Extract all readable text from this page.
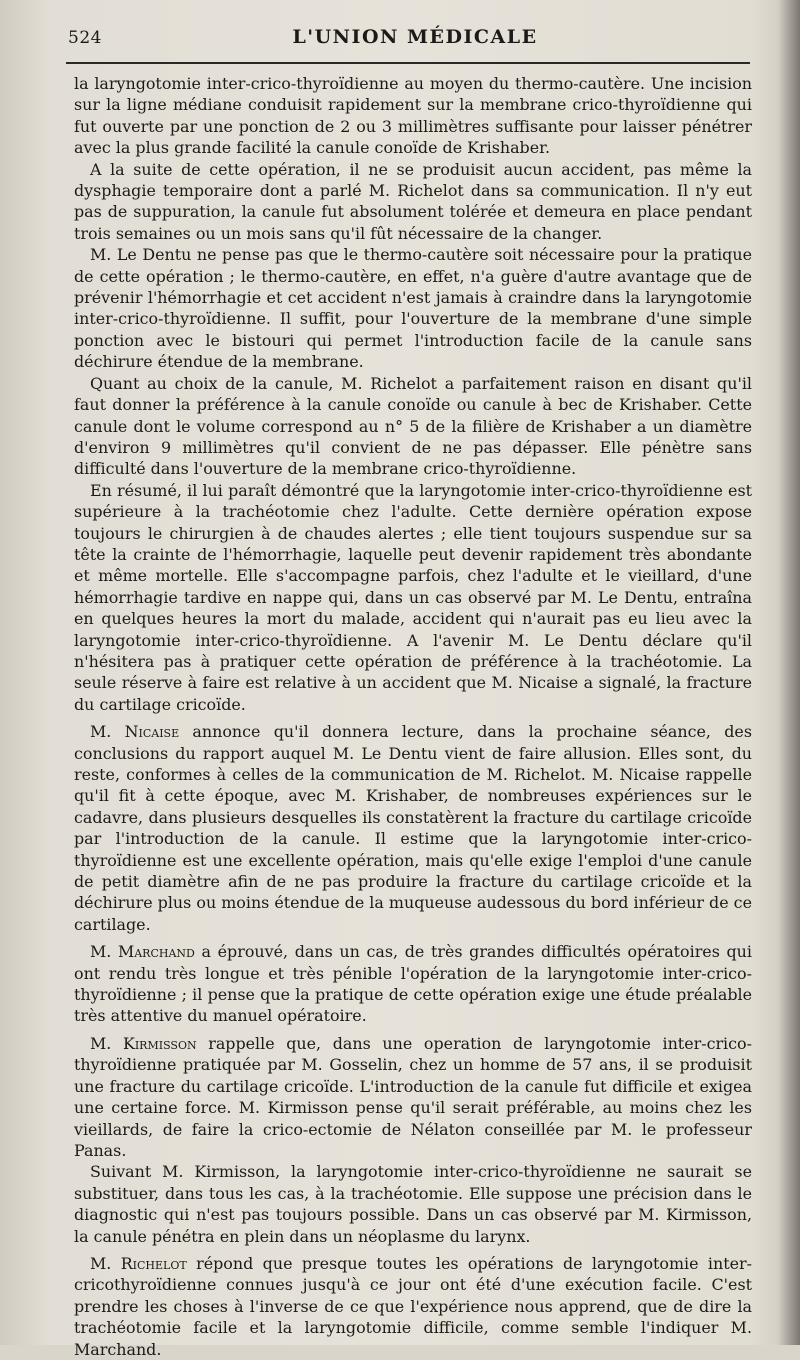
524	L'UNION MÉDICALE

la laryngotomie inter-crico-thyroïdienne au moyen du thermo-cautère. Une incision sur la ligne médiane conduisit rapidement sur la membrane crico-thyroïdienne qui fut ouverte par une ponction de 2 ou 3 millimètres suffisante pour laisser pénétrer avec la plus grande facilité la canule conoïde de Krishaber.

A la suite de cette opération, il ne se produisit aucun accident, pas même la dysphagie temporaire dont a parlé M. Richelot dans sa communication. Il n'y eut pas de suppuration, la canule fut absolument tolérée et demeura en place pendant trois semaines ou un mois sans qu'il fût nécessaire de la changer.

M. Le Dentu ne pense pas que le thermo-cautère soit nécessaire pour la pratique de cette opération ; le thermo-cautère, en effet, n'a guère d'autre avantage que de prévenir l'hémorrhagie et cet accident n'est jamais à craindre dans la laryngotomie inter-crico-thyroïdienne. Il suffit, pour l'ouverture de la membrane d'une simple ponction avec le bistouri qui permet l'introduction facile de la canule sans déchirure étendue de la membrane.

Quant au choix de la canule, M. Richelot a parfaitement raison en disant qu'il faut donner la préférence à la canule conoïde ou canule à bec de Krishaber. Cette canule dont le volume correspond au n° 5 de la filière de Krishaber a un diamètre d'environ 9 millimètres qu'il convient de ne pas dépasser. Elle pénètre sans difficulté dans l'ouverture de la membrane crico-thyroïdienne.

En résumé, il lui paraît démontré que la laryngotomie inter-crico-thyroïdienne est supérieure à la trachéotomie chez l'adulte. Cette dernière opération expose toujours le chirurgien à de chaudes alertes ; elle tient toujours suspendue sur sa tête la crainte de l'hémorrhagie, laquelle peut devenir rapidement très abondante et même mortelle. Elle s'accompagne parfois, chez l'adulte et le vieillard, d'une hémorrhagie tardive en nappe qui, dans un cas observé par M. Le Dentu, entraîna en quelques heures la mort du malade, accident qui n'aurait pas eu lieu avec la laryngotomie inter-crico-thyroïdienne. A l'avenir M. Le Dentu déclare qu'il n'hésitera pas à pratiquer cette opération de préférence à la trachéotomie. La seule réserve à faire est relative à un accident que M. Nicaise a signalé, la fracture du cartilage cricoïde.

M. Nicaise annonce qu'il donnera lecture, dans la prochaine séance, des conclusions du rapport auquel M. Le Dentu vient de faire allusion. Elles sont, du reste, conformes à celles de la communication de M. Richelot. M. Nicaise rappelle qu'il fit à cette époque, avec M. Krishaber, de nombreuses expériences sur le cadavre, dans plusieurs desquelles ils constatèrent la fracture du cartilage cricoïde par l'introduction de la canule. Il estime que la laryngotomie inter-crico-thyroïdienne est une excellente opération, mais qu'elle exige l'emploi d'une canule de petit diamètre afin de ne pas produire la fracture du cartilage cricoïde et la déchirure plus ou moins étendue de la muqueuse audessous du bord inférieur de ce cartilage.

M. Marchand a éprouvé, dans un cas, de très grandes difficultés opératoires qui ont rendu très longue et très pénible l'opération de la laryngotomie inter-crico-thyroïdienne ; il pense que la pratique de cette opération exige une étude préalable très attentive du manuel opératoire.

M. Kirmisson rappelle que, dans une operation de laryngotomie inter-crico-thyroïdienne pratiquée par M. Gosselin, chez un homme de 57 ans, il se produisit une fracture du cartilage cricoïde. L'introduction de la canule fut difficile et exigea une certaine force. M. Kirmisson pense qu'il serait préférable, au moins chez les vieillards, de faire la crico-ectomie de Nélaton conseillée par M. le professeur Panas.

Suivant M. Kirmisson, la laryngotomie inter-crico-thyroïdienne ne saurait se substituer, dans tous les cas, à la trachéotomie. Elle suppose une précision dans le diagnostic qui n'est pas toujours possible. Dans un cas observé par M. Kirmisson, la canule pénétra en plein dans un néoplasme du larynx.

M. Richelot répond que presque toutes les opérations de laryngotomie inter-cricothyroïdienne connues jusqu'à ce jour ont été d'une exécution facile. C'est prendre les choses à l'inverse de ce que l'expérience nous apprend, que de dire la trachéotomie facile et la laryngotomie difficile, comme semble l'indiquer M. Marchand.
